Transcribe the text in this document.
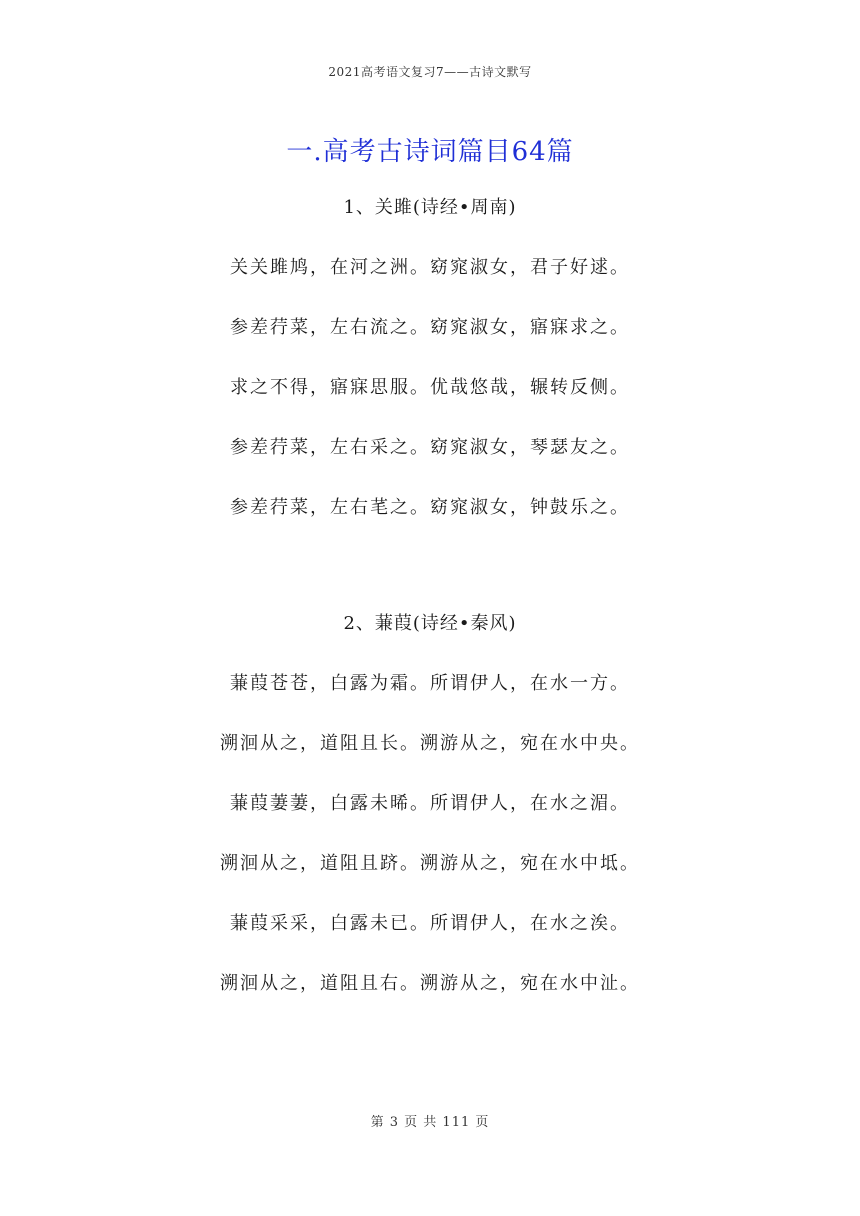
2021高考语文复习7——古诗文默写
一.高考古诗词篇目64篇
1、关雎(诗经•周南)
关关雎鸠，在河之洲。窈窕淑女，君子好逑。
参差荇菜，左右流之。窈窕淑女，寤寐求之。
求之不得，寤寐思服。优哉悠哉，辗转反侧。
参差荇菜，左右采之。窈窕淑女，琴瑟友之。
参差荇菜，左右芼之。窈窕淑女，钟鼓乐之。
2、蒹葭(诗经•秦风)
蒹葭苍苍，白露为霜。所谓伊人，在水一方。
溯洄从之，道阻且长。溯游从之，宛在水中央。
蒹葭萋萋，白露未晞。所谓伊人，在水之湄。
溯洄从之，道阻且跻。溯游从之，宛在水中坻。
蒹葭采采，白露未已。所谓伊人，在水之涘。
溯洄从之，道阻且右。溯游从之，宛在水中沚。
第 3 页 共 111 页
